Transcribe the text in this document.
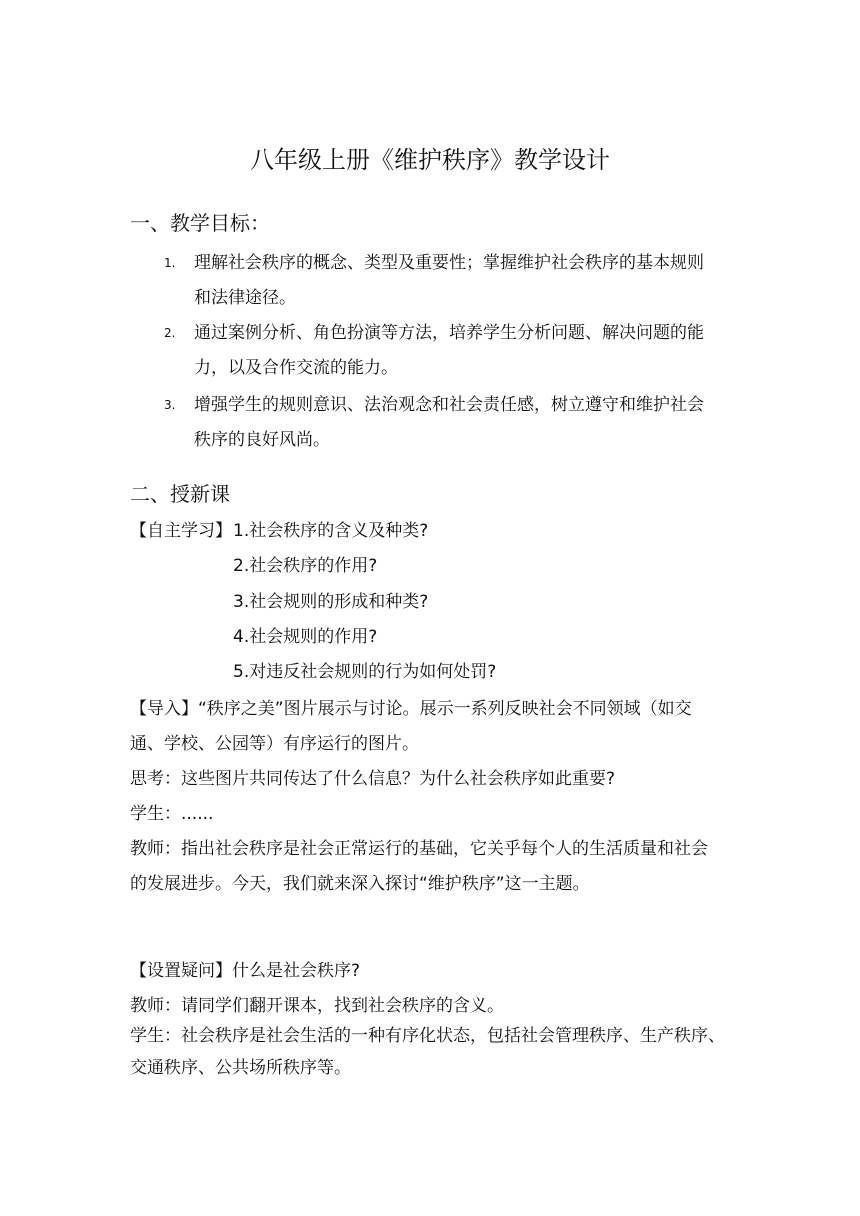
八年级上册《维护秩序》教学设计
一、教学目标：
1. 理解社会秩序的概念、类型及重要性；掌握维护社会秩序的基本规则
和法律途径。
2. 通过案例分析、角色扮演等方法，培养学生分析问题、解决问题的能
力，以及合作交流的能力。
3. 增强学生的规则意识、法治观念和社会责任感，树立遵守和维护社会
秩序的良好风尚。
二、授新课
【自主学习】 1.社会秩序的含义及种类?
2.社会秩序的作用?
3.社会规则的形成和种类?
4.社会规则的作用?
5.对违反社会规则的行为如何处罚?
【导入】“秩序之美”图片展示与讨论。展示一系列反映社会不同领域（如交
通、学校、公园等）有序运行的图片。
思考：这些图片共同传达了什么信息？为什么社会秩序如此重要?
学生：......
教师：指出社会秩序是社会正常运行的基础，它关乎每个人的生活质量和社会
的发展进步。今天，我们就来深入探讨“维护秩序”这一主题。
【设置疑问】什么是社会秩序?
教师：请同学们翻开课本，找到社会秩序的含义。
学生：社会秩序是社会生活的一种有序化状态，包括社会管理秩序、生产秩序、
交通秩序、公共场所秩序等。
